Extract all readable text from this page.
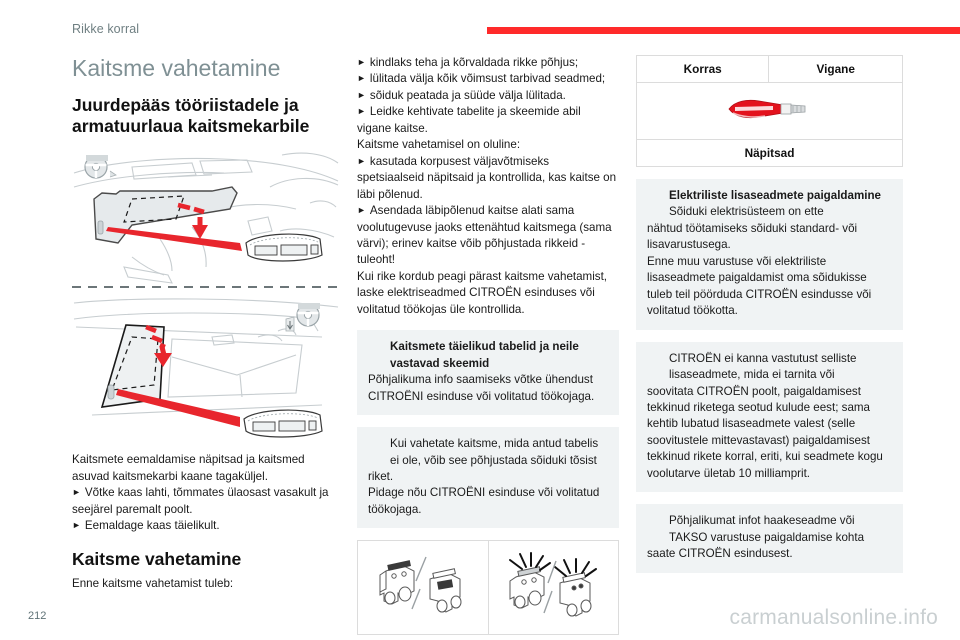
Rikke korral
Kaitsme vahetamine
Juurdepääs tööriistadele ja armatuurlaua kaitsmekarbile

Kaitsmete eemaldamise näpitsad ja kaitsmed asuvad kaitsmekarbi kaane tagaküljel.

► Võtke kaas lahti, tõmmates ülaosast vasakult ja seejärel paremalt poolt.

► Eemaldage kaas täielikult.

Kaitsme vahetamine

Enne kaitsme vahetamist tuleb:

► kindlaks teha ja kõrvaldada rikke põhjus;

► lülitada välja kõik võimsust tarbivad seadmed;

► sõiduk peatada ja süüde välja lülitada.

► Leidke kehtivate tabelite ja skeemide abil

vigane kaitse.

Kaitsme vahetamisel on oluline:

► kasutada korpusest väljavõtmiseks

spetsiaalseid näpitsaid ja kontrollida, kas kaitse on läbi põlenud.

► Asendada läbipõlenud kaitse alati sama

voolutugevuse jaoks ettenähtud kaitsmega (sama värvi); erinev kaitse võib põhjustada rikkeid - tuleoht!

Kui rike kordub peagi pärast kaitsme vahetamist, laske elektriseadmed CITROËN esinduses või volitatud töökojas üle kontrollida.

Kaitsmete täielikud tabelid ja neile vastavad skeemid
Põhjalikuma info saamiseks võtke ühendust CITROËNI esinduse või volitatud töökojaga.
Kui vahetate kaitsme, mida antud tabelis ei ole, võib see põhjustada sõiduki tõsist
riket.
Pidage nõu CITROËNI esinduse või volitatud töökojaga.

Korras	Vigane

Näpitsad
Elektriliste lisaseadmete paigaldamine
Sõiduki elektrisüsteem on ette
nähtud töötamiseks sõiduki standard- või lisavarustusega.
Enne muu varustuse või elektriliste lisaseadmete paigaldamist oma sõidukisse tuleb teil pöörduda CITROËN esindusse või volitatud töökotta.
CITROËN ei kanna vastutust selliste lisaseadmete, mida ei tarnita või
soovitata CITROËN poolt, paigaldamisest tekkinud riketega seotud kulude eest; sama kehtib lubatud lisaseadmete valest (selle soovitustele mittevastavast) paigaldamisest tekkinud rikete korral, eriti, kui seadmete kogu voolutarve ületab 10 milliamprit.
Põhjalikumat infot haakeseadme või TAKSO varustuse paigaldamise kohta
saate CITROËN esindusest.
212	carmanualsonline.info
